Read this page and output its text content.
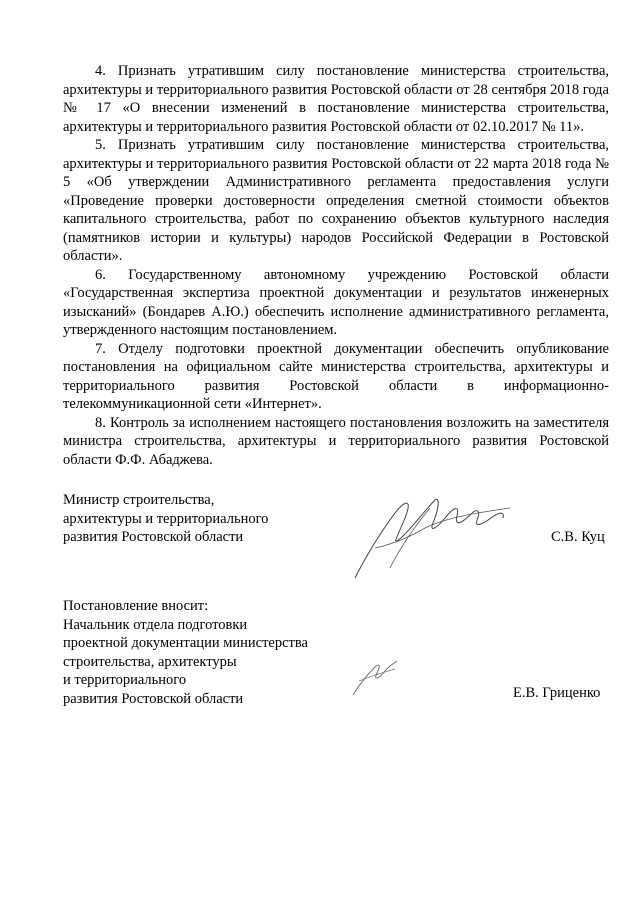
4. Признать утратившим силу постановление министерства строительства, архитектуры и территориального развития Ростовской области от 28 сентября 2018 года № 17 «О внесении изменений в постановление министерства строительства, архитектуры и территориального развития Ростовской области от 02.10.2017 № 11».

5. Признать утратившим силу постановление министерства строительства, архитектуры и территориального развития Ростовской области от 22 марта 2018 года № 5 «Об утверждении Административного регламента предоставления услуги «Проведение проверки достоверности определения сметной стоимости объектов капитального строительства, работ по сохранению объектов культурного наследия (памятников истории и культуры) народов Российской Федерации в Ростовской области».

6. Государственному автономному учреждению Ростовской области «Государственная экспертиза проектной документации и результатов инженерных изысканий» (Бондарев А.Ю.) обеспечить исполнение административного регламента, утвержденного настоящим постановлением.

7. Отделу подготовки проектной документации обеспечить опубликование постановления на официальном сайте министерства строительства, архитектуры и территориального развития Ростовской области в информационно-телекоммуникационной сети «Интернет».

8. Контроль за исполнением настоящего постановления возложить на заместителя министра строительства, архитектуры и территориального развития Ростовской области Ф.Ф. Абаджева.

Министр строительства,
архитектуры и территориального
развития Ростовской области	С.В. Куц
Постановление вносит:
Начальник отдела подготовки
проектной документации министерства
строительства, архитектуры
и территориального
развития Ростовской области	Е.В. Гриценко
